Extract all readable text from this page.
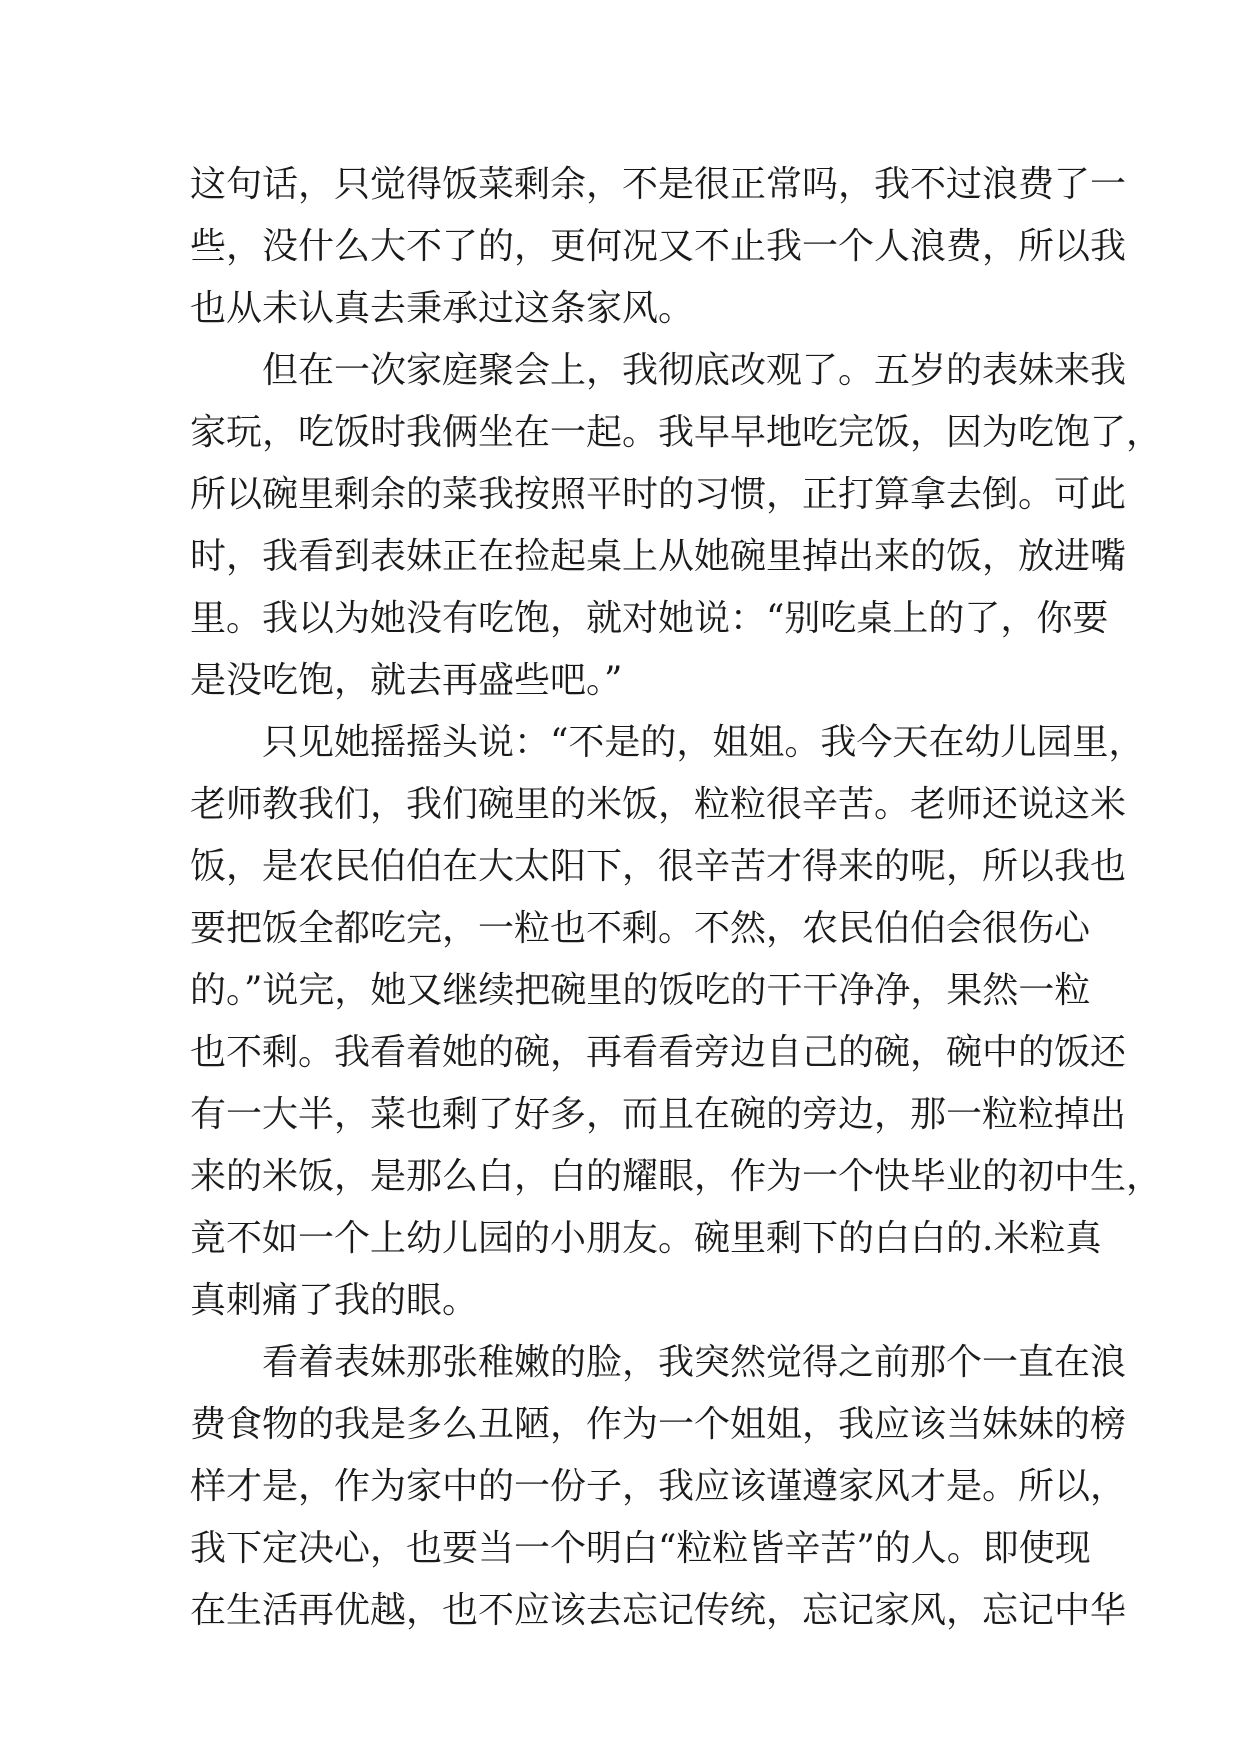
这句话，只觉得饭菜剩余，不是很正常吗，我不过浪费了一
些，没什么大不了的，更何况又不止我一个人浪费，所以我
也从未认真去秉承过这条家风。
但在一次家庭聚会上，我彻底改观了。五岁的表妹来我
家玩，吃饭时我俩坐在一起。我早早地吃完饭，因为吃饱了，
所以碗里剩余的菜我按照平时的习惯，正打算拿去倒。可此
时，我看到表妹正在捡起桌上从她碗里掉出来的饭，放进嘴
里。我以为她没有吃饱，就对她说：“别吃桌上的了，你要
是没吃饱，就去再盛些吧。”
只见她摇摇头说：“不是的，姐姐。我今天在幼儿园里，
老师教我们，我们碗里的米饭，粒粒很辛苦。老师还说这米
饭，是农民伯伯在大太阳下，很辛苦才得来的呢，所以我也
要把饭全都吃完，一粒也不剩。不然，农民伯伯会很伤心
的。”说完，她又继续把碗里的饭吃的干干净净，果然一粒
也不剩。我看着她的碗，再看看旁边自己的碗，碗中的饭还
有一大半，菜也剩了好多，而且在碗的旁边，那一粒粒掉出
来的米饭，是那么白，白的耀眼，作为一个快毕业的初中生，
竟不如一个上幼儿园的小朋友。碗里剩下的白白的.米粒真
真刺痛了我的眼。
看着表妹那张稚嫩的脸，我突然觉得之前那个一直在浪
费食物的我是多么丑陋，作为一个姐姐，我应该当妹妹的榜
样才是，作为家中的一份子，我应该谨遵家风才是。所以，
我下定决心，也要当一个明白“粒粒皆辛苦”的人。即使现
在生活再优越，也不应该去忘记传统，忘记家风，忘记中华
